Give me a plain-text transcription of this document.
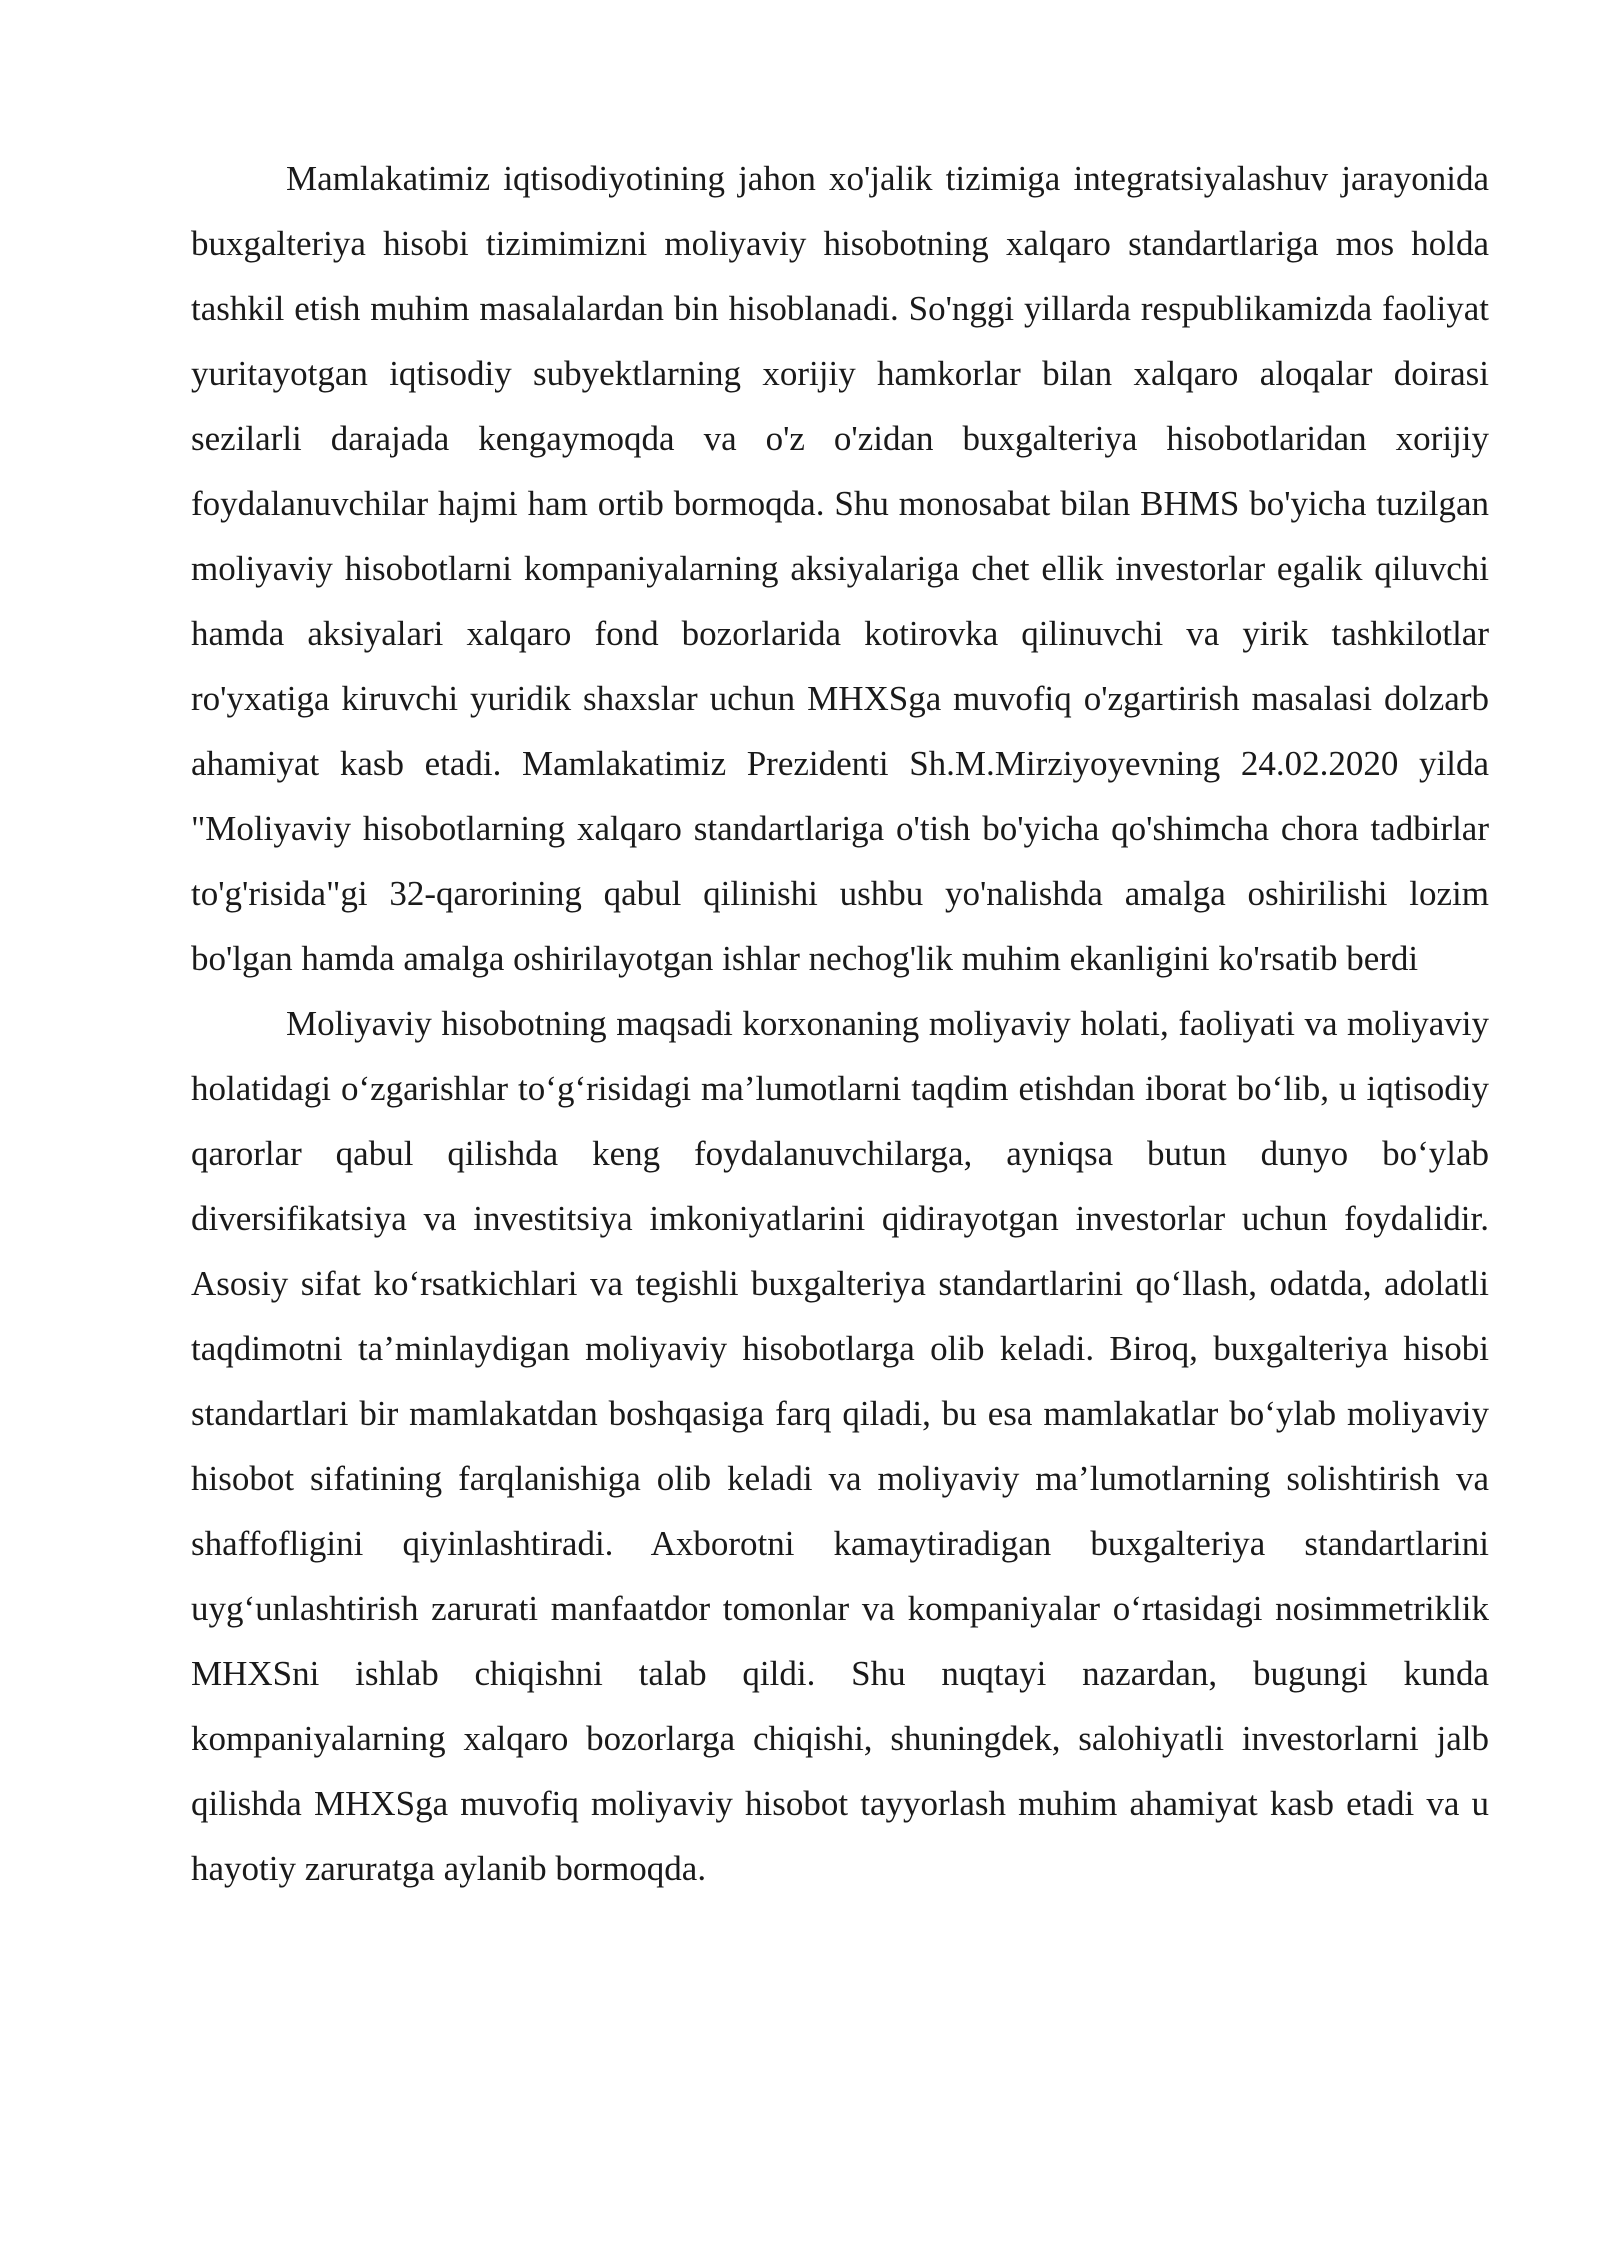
Mamlakatimiz iqtisodiyotining jahon xo'jalik tizimiga integratsiyalashuv jarayonida buxgalteriya hisobi tizimimizni moliyaviy hisobotning xalqaro standartlariga mos holda tashkil etish muhim masalalardan bin hisoblanadi. So'nggi yillarda respublikamizda faoliyat yuritayotgan iqtisodiy subyektlarning xorijiy hamkorlar bilan xalqaro aloqalar doirasi sezilarli darajada kengaymoqda va o'z o'zidan buxgalteriya hisobotlaridan xorijiy foydalanuvchilar hajmi ham ortib bormoqda. Shu monosabat bilan BHMS bo'yicha tuzilgan moliyaviy hisobotlarni kompaniyalarning aksiyalariga chet ellik investorlar egalik qiluvchi hamda aksiyalari xalqaro fond bozorlarida kotirovka qilinuvchi va yirik tashkilotlar ro'yxatiga kiruvchi yuridik shaxslar uchun MHXSga muvofiq o'zgartirish masalasi dolzarb ahamiyat kasb etadi. Mamlakatimiz Prezidenti Sh.M.Mirziyoyevning 24.02.2020 yilda "Moliyaviy hisobotlarning xalqaro standartlariga o'tish bo'yicha qo'shimcha chora tadbirlar to'g'risida"gi 32-qarorining qabul qilinishi ushbu yo'nalishda amalga oshirilishi lozim bo'lgan hamda amalga oshirilayotgan ishlar nechog'lik muhim ekanligini ko'rsatib berdi

Moliyaviy hisobotning maqsadi korxonaning moliyaviy holati, faoliyati va moliyaviy holatidagi o‘zgarishlar to‘g‘risidagi ma’lumotlarni taqdim etishdan iborat bo‘lib, u iqtisodiy qarorlar qabul qilishda keng foydalanuvchilarga, ayniqsa butun dunyo bo‘ylab diversifikatsiya va investitsiya imkoniyatlarini qidirayotgan investorlar uchun foydalidir. Asosiy sifat ko‘rsatkichlari va tegishli buxgalteriya standartlarini qo‘llash, odatda, adolatli taqdimotni ta’minlaydigan moliyaviy hisobotlarga olib keladi. Biroq, buxgalteriya hisobi standartlari bir mamlakatdan boshqasiga farq qiladi, bu esa mamlakatlar bo‘ylab moliyaviy hisobot sifatining farqlanishiga olib keladi va moliyaviy ma’lumotlarning solishtirish va shaffofligini qiyinlashtiradi. Axborotni kamaytiradigan buxgalteriya standartlarini uyg‘unlashtirish zarurati manfaatdor tomonlar va kompaniyalar o‘rtasidagi nosimmetriklik MHXSni ishlab chiqishni talab qildi. Shu nuqtayi nazardan, bugungi kunda kompaniyalarning xalqaro bozorlarga chiqishi, shuningdek, salohiyatli investorlarni jalb qilishda MHXSga muvofiq moliyaviy hisobot tayyorlash muhim ahamiyat kasb etadi va u hayotiy zaruratga aylanib bormoqda.
